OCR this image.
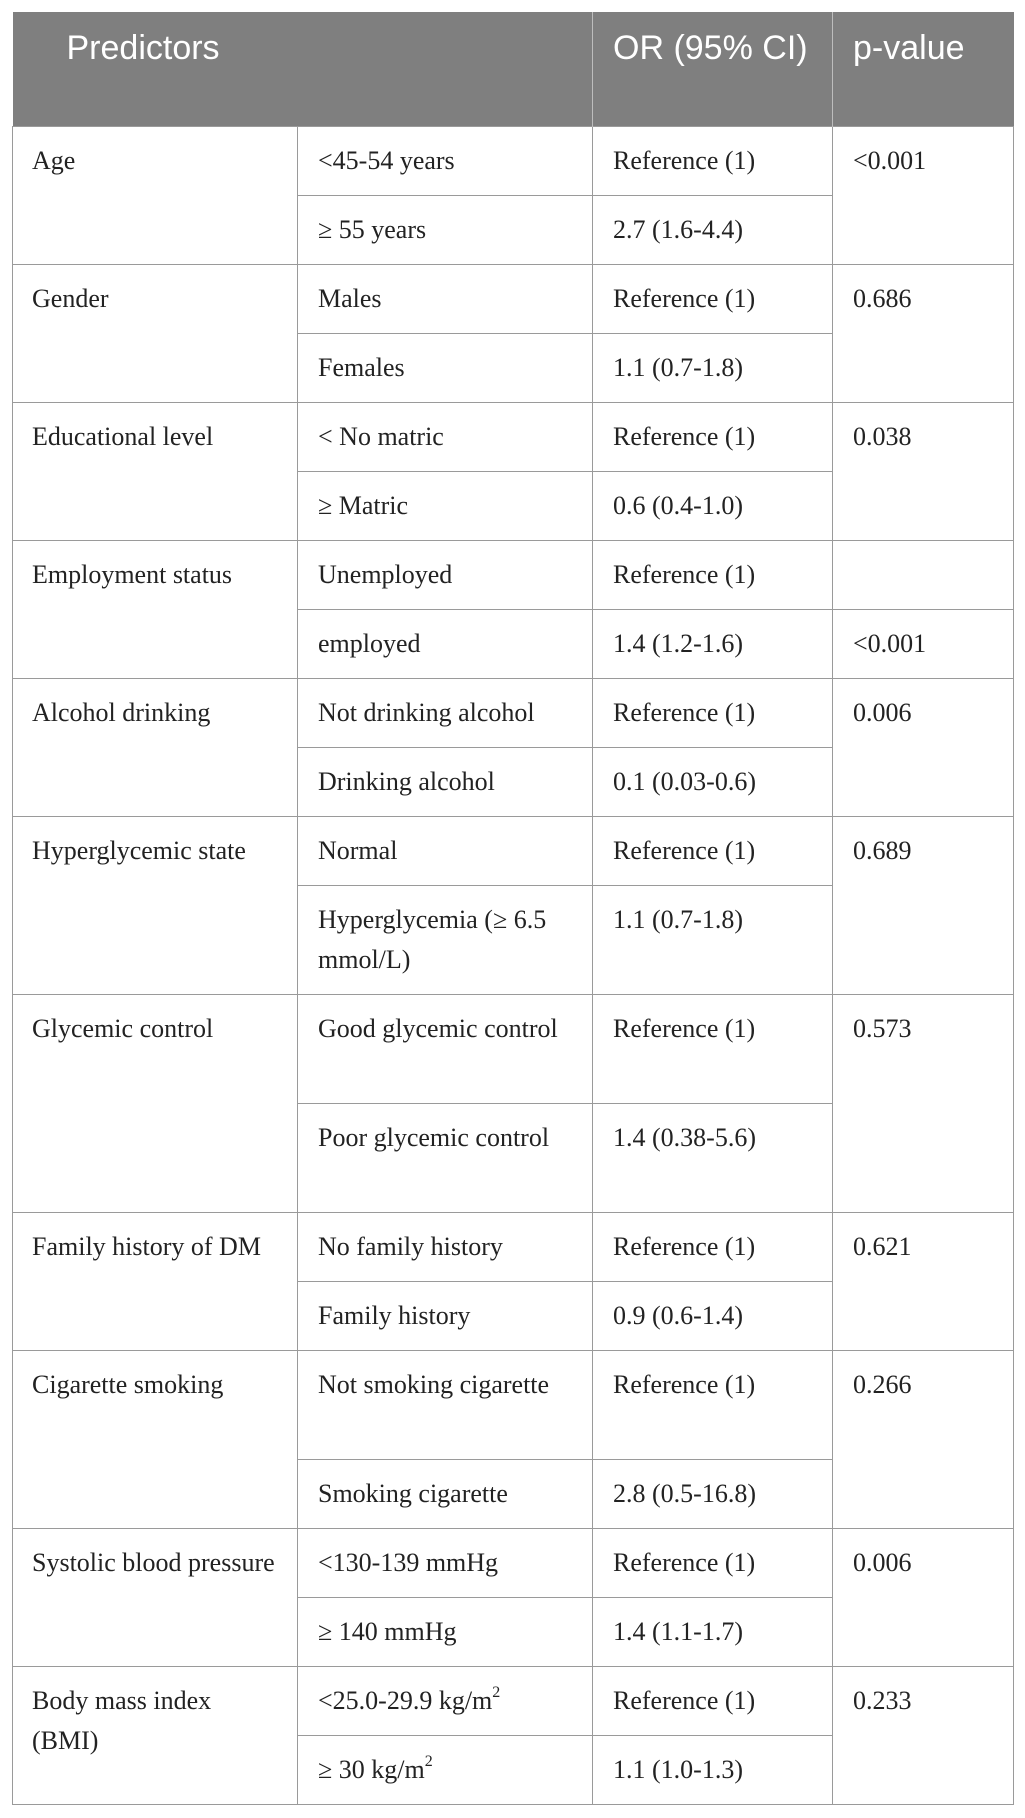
Predictors		OR (95% CI)	p-value
Age	<45-54 years	Reference (1)	<0.001
	≥ 55 years	2.7 (1.6-4.4)	
Gender	Males	Reference (1)	0.686
	Females	1.1 (0.7-1.8)	
Educational level	< No matric	Reference (1)	0.038
	≥ Matric	0.6 (0.4-1.0)	
Employment status	Unemployed	Reference (1)	
	employed	1.4 (1.2-1.6)	<0.001
Alcohol drinking	Not drinking alcohol	Reference (1)	0.006
	Drinking alcohol	0.1 (0.03-0.6)	
Hyperglycemic state	Normal	Reference (1)	0.689
	Hyperglycemia (≥ 6.5 mmol/L)	1.1 (0.7-1.8)	
Glycemic control	Good glycemic control	Reference (1)	0.573
	Poor glycemic control	1.4 (0.38-5.6)	
Family history of DM	No family history	Reference (1)	0.621
	Family history	0.9 (0.6-1.4)	
Cigarette smoking	Not smoking cigarette	Reference (1)	0.266
	Smoking cigarette	2.8 (0.5-16.8)	
Systolic blood pressure	<130-139 mmHg	Reference (1)	0.006
	≥ 140 mmHg	1.4 (1.1-1.7)	
Body mass index (BMI)	<25.0-29.9 $kg/m^2$	Reference (1)	0.233
	≥ 30 $kg/m^2$	1.1 (1.0-1.3)	
